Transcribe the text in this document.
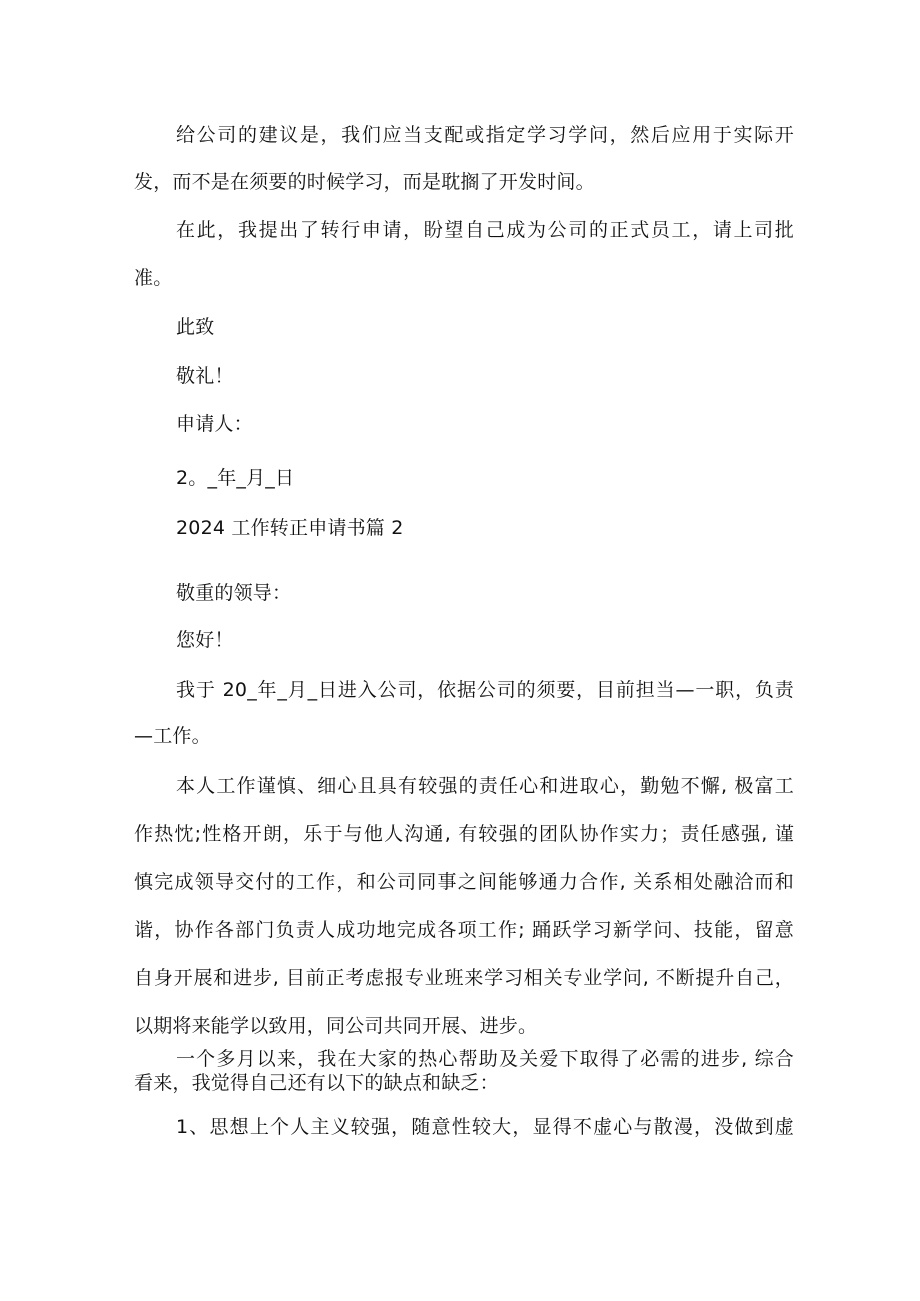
给公司的建议是，我们应当支配或指定学习学问，然后应用于实际开
发，而不是在须要的时候学习，而是耽搁了开发时间。
在此，我提出了转行申请，盼望自己成为公司的正式员工，请上司批
准。
此致
敬礼！
申请人：
2。_年_月_日
2024 工作转正申请书篇 2
敬重的领导：
您好！
我于 20_年_月_日进入公司，依据公司的须要，目前担当—一职，负责
—工作。
本人工作谨慎、细心且具有较强的责任心和进取心，勤勉不懈, 极富工
作热忱;性格开朗，乐于与他人沟通, 有较强的团队协作实力；责任感强, 谨
慎完成领导交付的工作，和公司同事之间能够通力合作, 关系相处融洽而和
谐，协作各部门负责人成功地完成各项工作; 踊跃学习新学问、技能，留意
自身开展和进步, 目前正考虑报专业班来学习相关专业学问, 不断提升自己，
以期将来能学以致用，同公司共同开展、进步。
一个多月以来，我在大家的热心帮助及关爱下取得了必需的进步, 综合
看来，我觉得自己还有以下的缺点和缺乏：
1、思想上个人主义较强，随意性较大，显得不虚心与散漫，没做到虚
